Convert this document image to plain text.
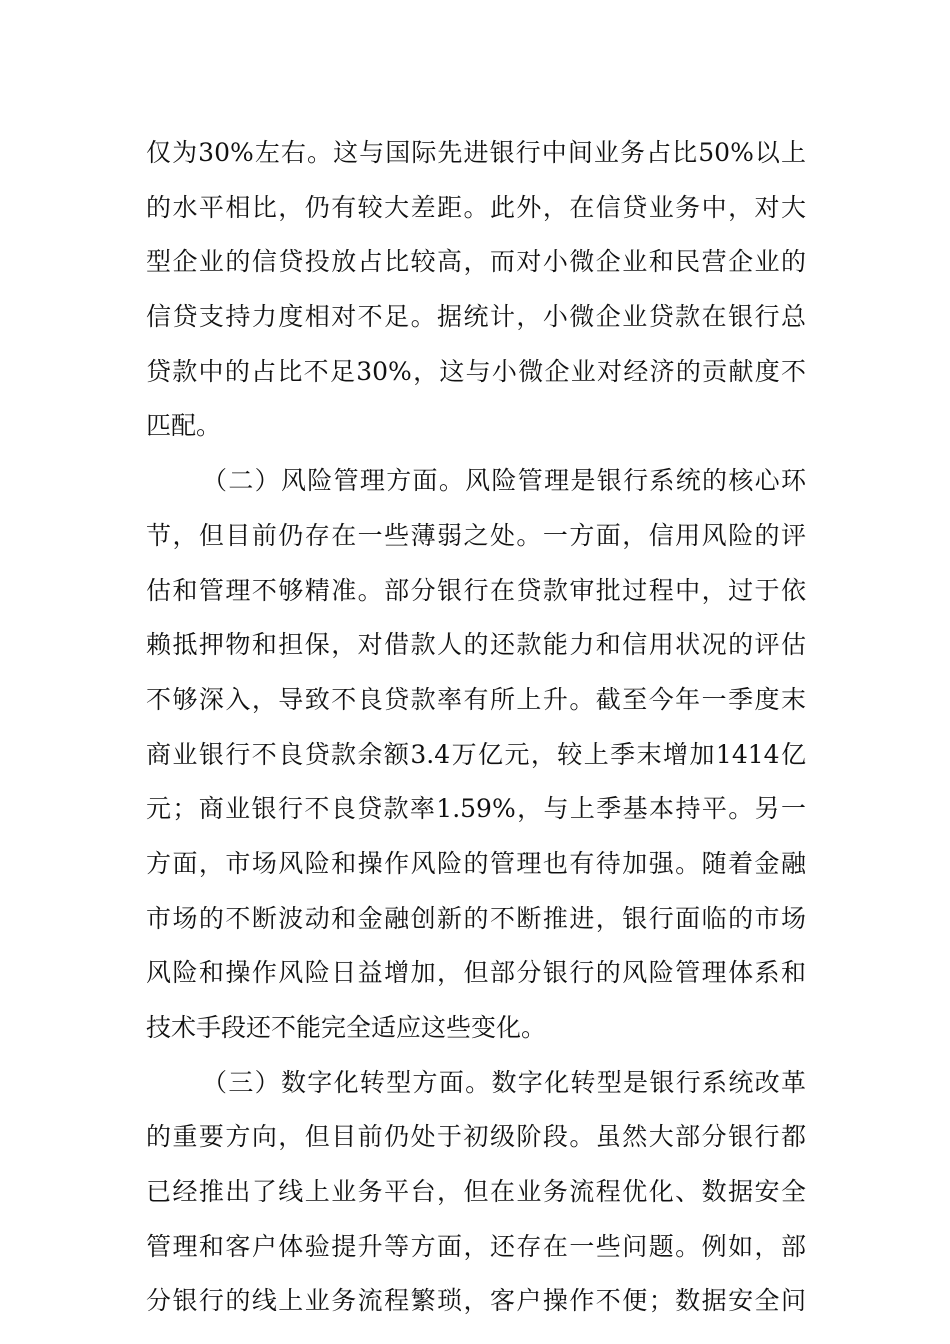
仅为30%左右。这与国际先进银行中间业务占比50%以上
的水平相比，仍有较大差距。此外，在信贷业务中，对大
型企业的信贷投放占比较高，而对小微企业和民营企业的
信贷支持力度相对不足。据统计，小微企业贷款在银行总
贷款中的占比不足30%，这与小微企业对经济的贡献度不
匹配。
（二）风险管理方面。风险管理是银行系统的核心环
节，但目前仍存在一些薄弱之处。一方面，信用风险的评
估和管理不够精准。部分银行在贷款审批过程中，过于依
赖抵押物和担保，对借款人的还款能力和信用状况的评估
不够深入，导致不良贷款率有所上升。截至今年一季度末
商业银行不良贷款余额3.4万亿元，较上季末增加1414亿
元；商业银行不良贷款率1.59%，与上季基本持平。另一
方面，市场风险和操作风险的管理也有待加强。随着金融
市场的不断波动和金融创新的不断推进，银行面临的市场
风险和操作风险日益增加，但部分银行的风险管理体系和
技术手段还不能完全适应这些变化。
（三）数字化转型方面。数字化转型是银行系统改革
的重要方向，但目前仍处于初级阶段。虽然大部分银行都
已经推出了线上业务平台，但在业务流程优化、数据安全
管理和客户体验提升等方面，还存在一些问题。例如，部
分银行的线上业务流程繁琐，客户操作不便；数据安全问
